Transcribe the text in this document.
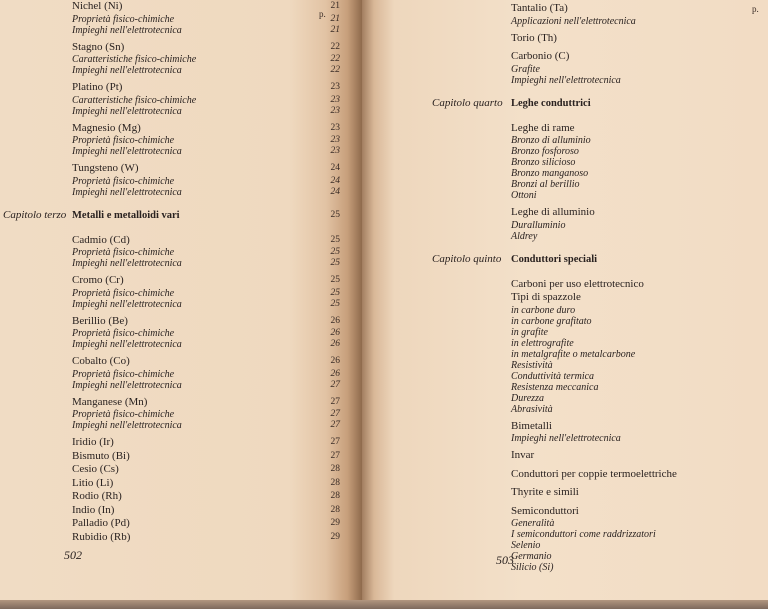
p.
Nichel (Ni)	21
Proprietà fisico-chimiche	21
Impieghi nell'elettrotecnica	21
Stagno (Sn)	22
Caratteristiche fisico-chimiche	22
Impieghi nell'elettrotecnica	22
Platino (Pt)	23
Caratteristiche fisico-chimiche	23
Impieghi nell'elettrotecnica	23
Magnesio (Mg)	23
Proprietà fisico-chimiche	23
Impieghi nell'elettrotecnica	23
Tungsteno (W)	24
Proprietà fisico-chimiche	24
Impieghi nell'elettrotecnica	24
Capitolo terzo Metalli e metalloidi vari	25
Cadmio (Cd)	25
Proprietà fisico-chimiche	25
Impieghi nell'elettrotecnica	25
Cromo (Cr)	25
Proprietà fisico-chimiche	25
Impieghi nell'elettrotecnica	25
Berillio (Be)	26
Proprietà fisico-chimiche	26
Impieghi nell'elettrotecnica	26
Cobalto (Co)	26
Proprietà fisico-chimiche	26
Impieghi nell'elettrotecnica	27
Manganese (Mn)	27
Proprietà fisico-chimiche	27
Impieghi nell'elettrotecnica	27
Iridio (Ir)	27
Bismuto (Bi)	27
Cesio (Cs)	28
Litio (Li)	28
Rodio (Rh)	28
Indio (In)	28
Palladio (Pd)	29
Rubidio (Rb)	29
502
p.
Tantalio (Ta)
Applicazioni nell'elettrotecnica
Torio (Th)
Carbonio (C)
Grafite
Impieghi nell'elettrotecnica
Capitolo quarto Leghe conduttrici
Leghe di rame
Bronzo di alluminio
Bronzo fosforoso
Bronzo silicioso
Bronzo manganoso
Bronzi al berillio
Ottoni
Leghe di alluminio
Duralluminio
Aldrey
Capitolo quinto Conduttori speciali
Carboni per uso elettrotecnico
Tipi di spazzole
in carbone duro
in carbone grafitato
in grafite
in elettrografite
in metalgrafite o metalcarbone
Resistività
Conduttività termica
Resistenza meccanica
Durezza
Abrasività
Bimetalli
Impieghi nell'elettrotecnica
Invar
Conduttori per coppie termoelettriche
Thyrite e simili
Semiconduttori
Generalità
I semiconduttori come raddrizzatori
Selenio
Germanio
Silicio (Si)
503
